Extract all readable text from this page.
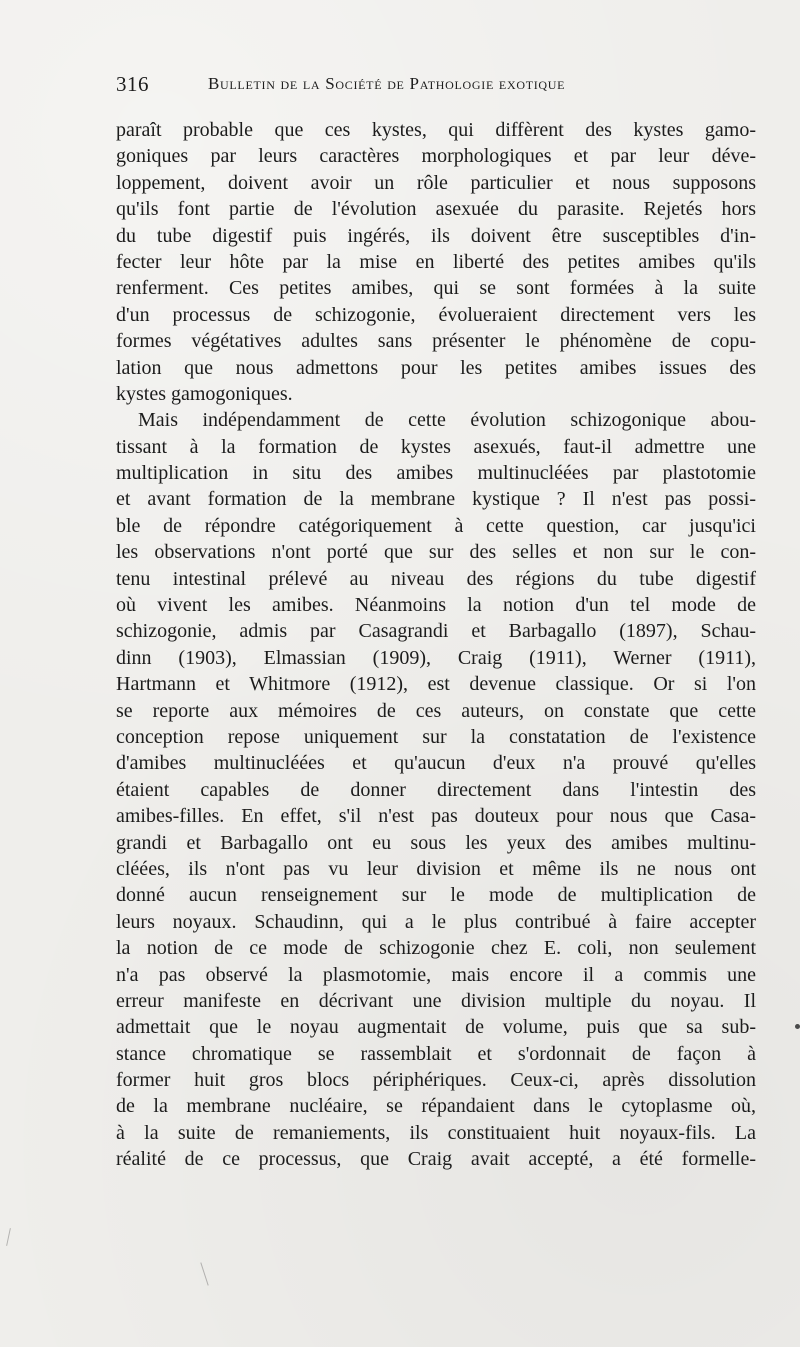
316	Bulletin de la Société de Pathologie exotique
paraît probable que ces kystes, qui diffèrent des kystes gamo-
goniques par leurs caractères morphologiques et par leur déve-
loppement, doivent avoir un rôle particulier et nous supposons
qu'ils font partie de l'évolution asexuée du parasite. Rejetés hors
du tube digestif puis ingérés, ils doivent être susceptibles d'in-
fecter leur hôte par la mise en liberté des petites amibes qu'ils
renferment. Ces petites amibes, qui se sont formées à la suite
d'un processus de schizogonie, évolueraient directement vers les
formes végétatives adultes sans présenter le phénomène de copu-
lation que nous admettons pour les petites amibes issues des
kystes gamogoniques.
Mais indépendamment de cette évolution schizogonique abou-
tissant à la formation de kystes asexués, faut-il admettre une
multiplication in situ des amibes multinucléées par plastotomie
et avant formation de la membrane kystique ? Il n'est pas possi-
ble de répondre catégoriquement à cette question, car jusqu'ici
les observations n'ont porté que sur des selles et non sur le con-
tenu intestinal prélevé au niveau des régions du tube digestif
où vivent les amibes. Néanmoins la notion d'un tel mode de
schizogonie, admis par Casagrandi et Barbagallo (1897), Schau-
dinn (1903), Elmassian (1909), Craig (1911), Werner (1911),
Hartmann et Whitmore (1912), est devenue classique. Or si l'on
se reporte aux mémoires de ces auteurs, on constate que cette
conception repose uniquement sur la constatation de l'existence
d'amibes multinucléées et qu'aucun d'eux n'a prouvé qu'elles
étaient capables de donner directement dans l'intestin des
amibes-filles. En effet, s'il n'est pas douteux pour nous que Casa-
grandi et Barbagallo ont eu sous les yeux des amibes multinu-
cléées, ils n'ont pas vu leur division et même ils ne nous ont
donné aucun renseignement sur le mode de multiplication de
leurs noyaux. Schaudinn, qui a le plus contribué à faire accepter
la notion de ce mode de schizogonie chez E. coli, non seulement
n'a pas observé la plasmotomie, mais encore il a commis une
erreur manifeste en décrivant une division multiple du noyau. Il
admettait que le noyau augmentait de volume, puis que sa sub-
stance chromatique se rassemblait et s'ordonnait de façon à
former huit gros blocs périphériques. Ceux-ci, après dissolution
de la membrane nucléaire, se répandaient dans le cytoplasme où,
à la suite de remaniements, ils constituaient huit noyaux-fils. La
réalité de ce processus, que Craig avait accepté, a été formelle-
